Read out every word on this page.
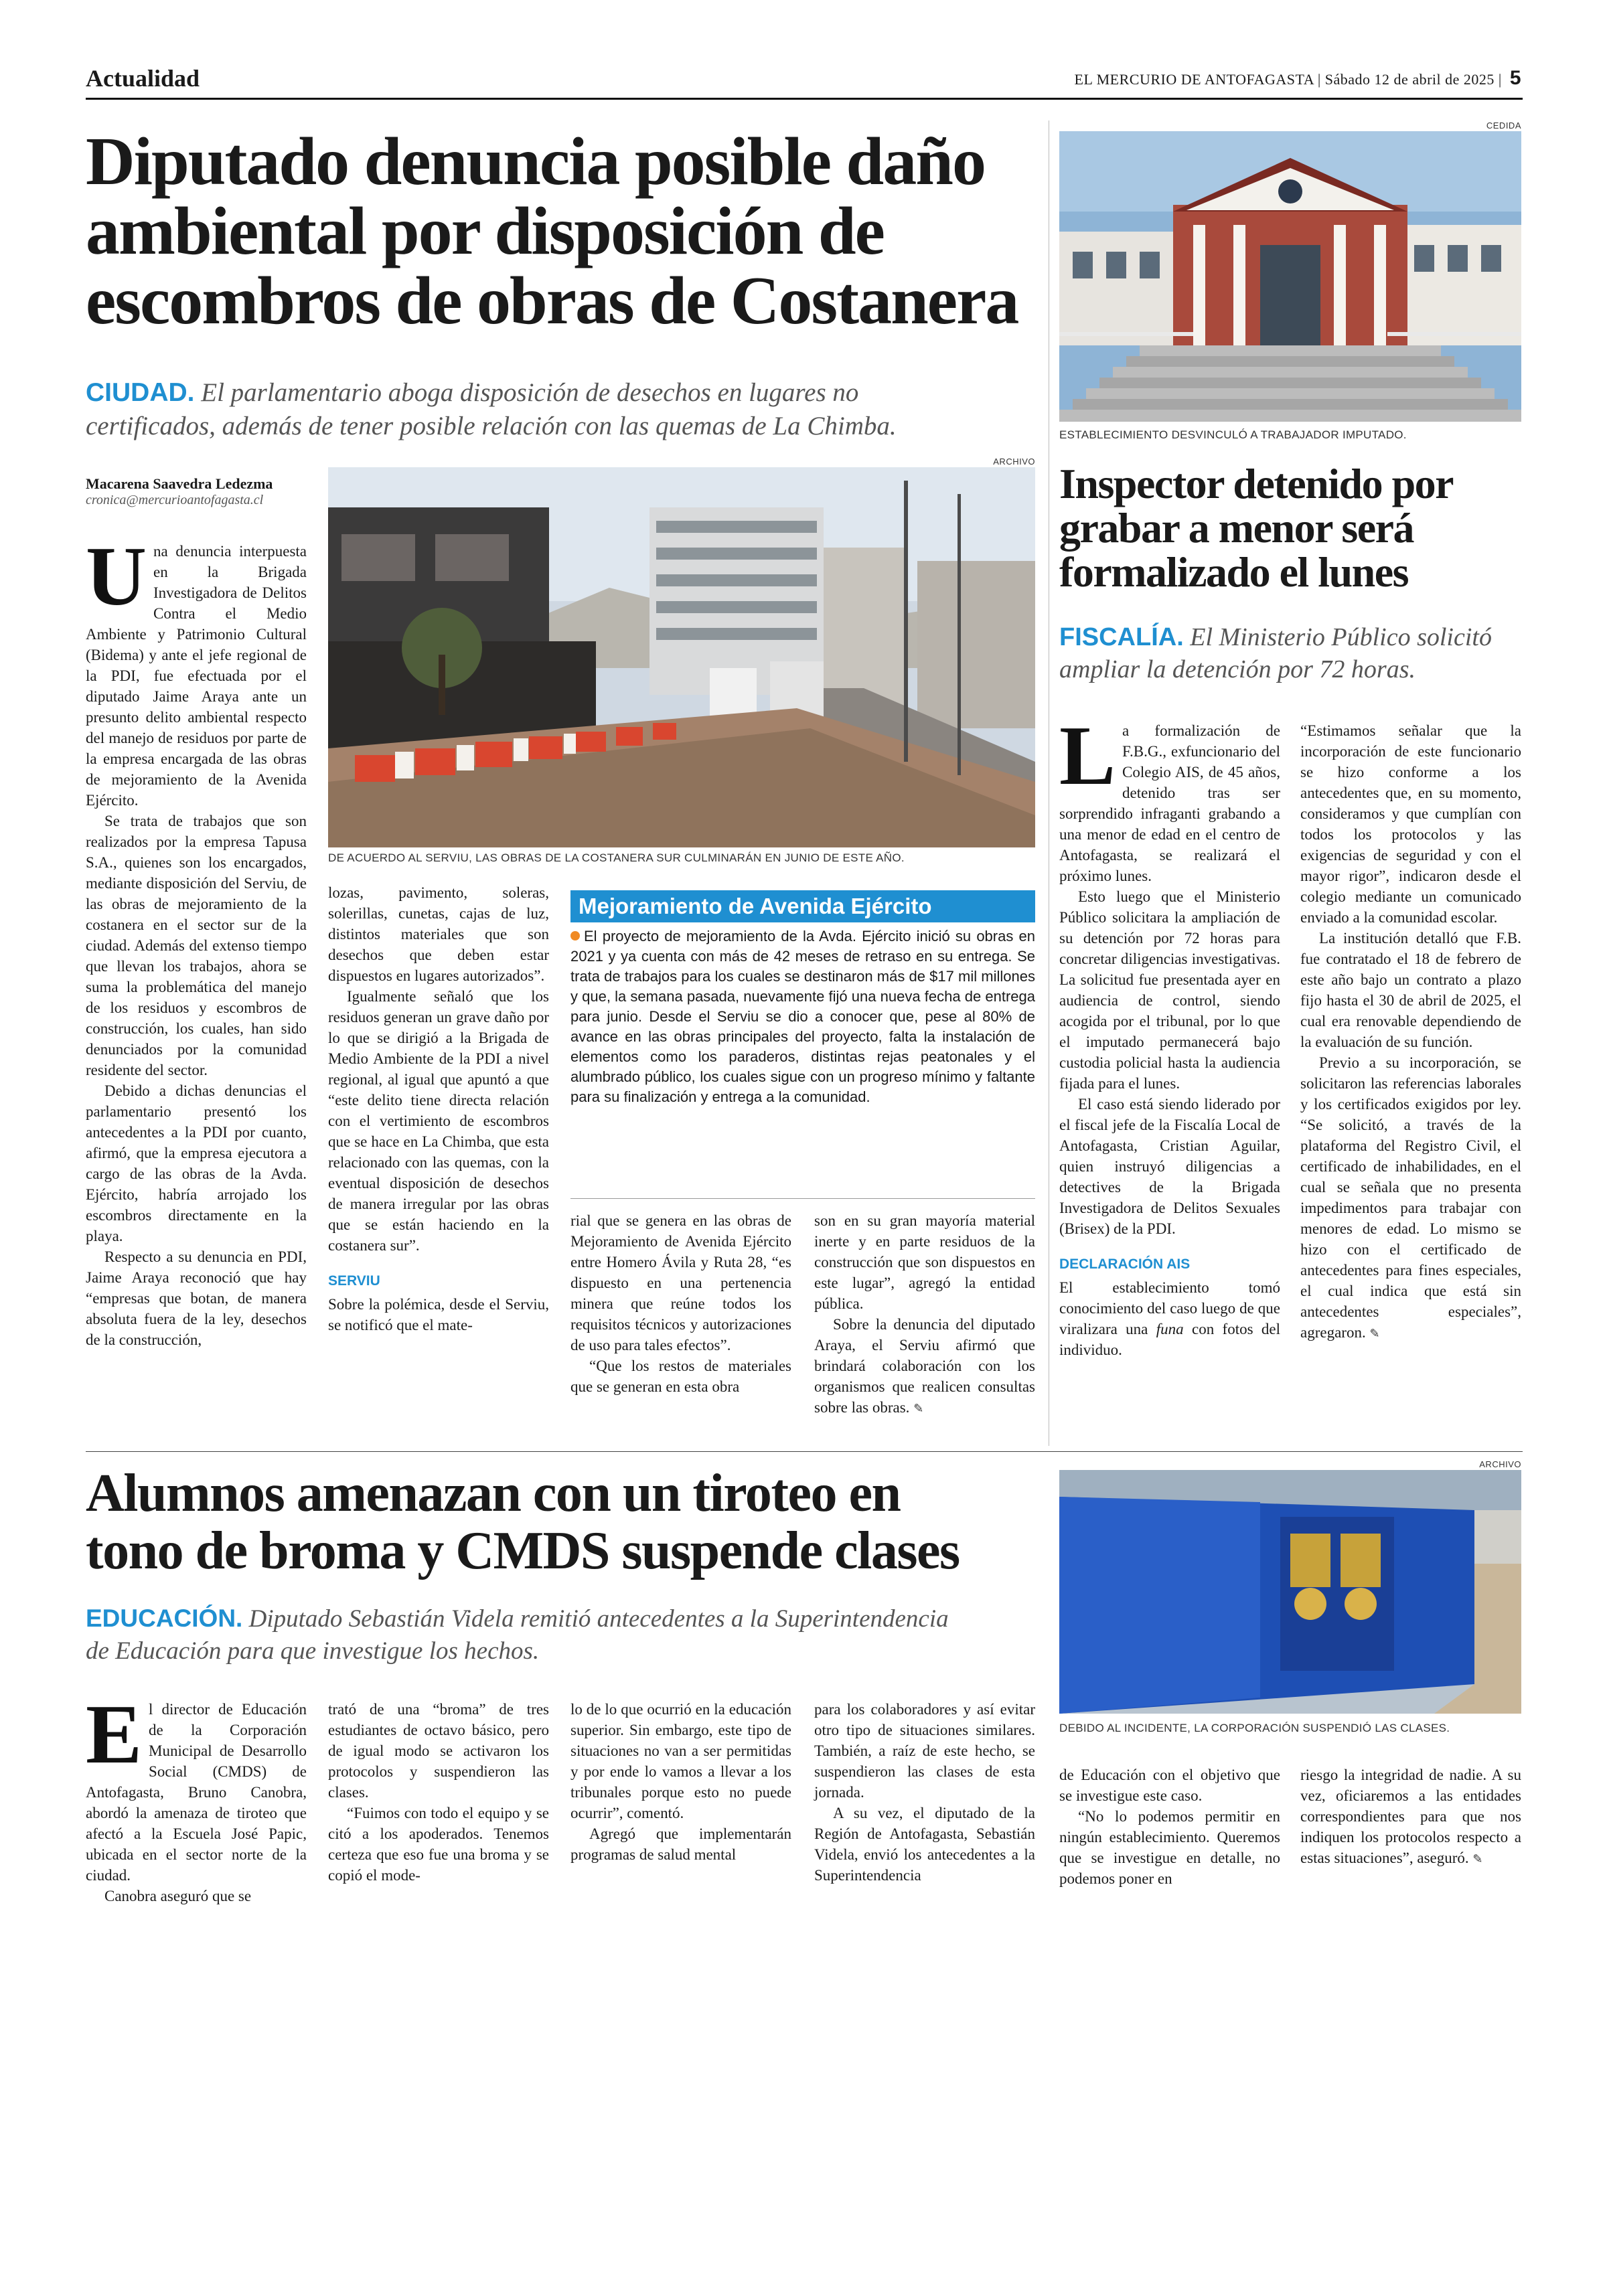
Actualidad	EL MERCURIO DE ANTOFAGASTA | Sábado 12 de abril de 2025 | 5
Diputado denuncia posible daño
ambiental por disposición de
escombros de obras de Costanera
CIUDAD. El parlamentario aboga disposición de desechos en lugares no
certificados, además de tener posible relación con las quemas de La Chimba.
Macarena Saavedra Ledezma
cronica@mercurioantofagasta.cl
ARCHIVO
DE ACUERDO AL SERVIU, LAS OBRAS DE LA COSTANERA SUR CULMINARÁN EN JUNIO DE ESTE AÑO.

Una denuncia interpuesta en la Brigada Investigadora de Delitos Contra el Medio Ambiente y Patrimonio Cultural (Bidema) y ante el jefe regional de la PDI, fue efectuada por el diputado Jaime Araya ante un presunto delito ambiental respecto del manejo de residuos por parte de la empresa encargada de las obras de mejoramiento de la Avenida Ejército.

Se trata de trabajos que son realizados por la empresa Tapusa S.A., quienes son los encargados, mediante disposición del Serviu, de las obras de mejoramiento de la costanera en el sector sur de la ciudad. Además del extenso tiempo que llevan los trabajos, ahora se suma la problemática del manejo de los residuos y escombros de construcción, los cuales, han sido denunciados por la comunidad residente del sector.

Debido a dichas denuncias el parlamentario presentó los antecedentes a la PDI por cuanto, afirmó, que la empresa ejecutora a cargo de las obras de la Avda. Ejército, habría arrojado los escombros directamente en la playa.

Respecto a su denuncia en PDI, Jaime Araya reconoció que hay “empresas que botan, de manera absoluta fuera de la ley, desechos de la construcción,

lozas, pavimento, soleras, solerillas, cunetas, cajas de luz, distintos materiales que son desechos que deben estar dispuestos en lugares autorizados”.

Igualmente señaló que los residuos generan un grave daño por lo que se dirigió a la Brigada de Medio Ambiente de la PDI a nivel regional, al igual que apuntó a que “este delito tiene directa relación con el vertimiento de escombros que se hace en La Chimba, que esta relacionado con las quemas, con la eventual disposición de desechos de manera irregular por las obras que se están haciendo en la costanera sur”.

SERVIU

Sobre la polémica, desde el Serviu, se notificó que el mate-

Mejoramiento de Avenida Ejército
El proyecto de mejoramiento de la Avda. Ejército inició su obras en 2021 y ya cuenta con más de 42 meses de retraso en su entrega. Se trata de trabajos para los cuales se destinaron más de $17 mil millones y que, la semana pasada, nuevamente fijó una nueva fecha de entrega para junio. Desde el Serviu se dio a conocer que, pese al 80% de avance en las obras principales del proyecto, falta la instalación de elementos como los paraderos, distintas rejas peatonales y el alumbrado público, los cuales sigue con un progreso mínimo y faltante para su finalización y entrega a la comunidad.

rial que se genera en las obras de Mejoramiento de Avenida Ejército entre Homero Ávila y Ruta 28, “es dispuesto en una pertenencia minera que reúne todos los requisitos técnicos y autorizaciones de uso para tales efectos”.

“Que los restos de materiales que se generan en esta obra

son en su gran mayoría material inerte y en parte residuos de la construcción que son dispuestos en este lugar”, agregó la entidad pública.

Sobre la denuncia del diputado Araya, el Serviu afirmó que brindará colaboración con los organismos que realicen consultas sobre las obras. ✎

CEDIDA
ESTABLECIMIENTO DESVINCULÓ A TRABAJADOR IMPUTADO.
Inspector detenido por
grabar a menor será
formalizado el lunes
FISCALÍA. El Ministerio Público solicitó
ampliar la detención por 72 horas.

La formalización de F.B.G., exfuncionario del Colegio AIS, de 45 años, detenido tras ser sorprendido infraganti grabando a una menor de edad en el centro de Antofagasta, se realizará el próximo lunes.

Esto luego que el Ministerio Público solicitara la ampliación de su detención por 72 horas para concretar diligencias investigativas. La solicitud fue presentada ayer en audiencia de control, siendo acogida por el tribunal, por lo que el imputado permanecerá bajo custodia policial hasta la audiencia fijada para el lunes.

El caso está siendo liderado por el fiscal jefe de la Fiscalía Local de Antofagasta, Cristian Aguilar, quien instruyó diligencias a detectives de la Brigada Investigadora de Delitos Sexuales (Brisex) de la PDI.

DECLARACIÓN AIS

El establecimiento tomó conocimiento del caso luego de que viralizara una funa con fotos del individuo.

“Estimamos señalar que la incorporación de este funcionario se hizo conforme a los antecedentes que, en su momento, consideramos y que cumplían con todos los protocolos y las exigencias de seguridad y con el mayor rigor”, indicaron desde el colegio mediante un comunicado enviado a la comunidad escolar.

La institución detalló que F.B. fue contratado el 18 de febrero de este año bajo un contrato a plazo fijo hasta el 30 de abril de 2025, el cual era renovable dependiendo de la evaluación de su función.

Previo a su incorporación, se solicitaron las referencias laborales y los certificados exigidos por ley. “Se solicitó, a través de la plataforma del Registro Civil, el certificado de inhabilidades, en el cual se señala que no presenta impedimentos para trabajar con menores de edad. Lo mismo se hizo con el certificado de antecedentes para fines especiales, el cual indica que está sin antecedentes especiales”, agregaron. ✎

Alumnos amenazan con un tiroteo en
tono de broma y CMDS suspende clases
EDUCACIÓN. Diputado Sebastián Videla remitió antecedentes a la Superintendencia
de Educación para que investigue los hechos.
ARCHIVO
DEBIDO AL INCIDENTE, LA CORPORACIÓN SUSPENDIÓ LAS CLASES.

El director de Educación de la Corporación Municipal de Desarrollo Social (CMDS) de Antofagasta, Bruno Canobra, abordó la amenaza de tiroteo que afectó a la Escuela José Papic, ubicada en el sector norte de la ciudad.

Canobra aseguró que se

trató de una “broma” de tres estudiantes de octavo básico, pero de igual modo se activaron los protocolos y suspendieron las clases.

“Fuimos con todo el equipo y se citó a los apoderados. Tenemos certeza que eso fue una broma y se copió el mode-

lo de lo que ocurrió en la educación superior. Sin embargo, este tipo de situaciones no van a ser permitidas y por ende lo vamos a llevar a los tribunales porque esto no puede ocurrir”, comentó.

Agregó que implementarán programas de salud mental

para los colaboradores y así evitar otro tipo de situaciones similares. También, a raíz de este hecho, se suspendieron las clases de esta jornada.

A su vez, el diputado de la Región de Antofagasta, Sebastián Videla, envió los antecedentes a la Superintendencia

de Educación con el objetivo que se investigue este caso.

“No lo podemos permitir en ningún establecimiento. Queremos que se investigue en detalle, no podemos poner en

riesgo la integridad de nadie. A su vez, oficiaremos a las entidades correspondientes para que nos indiquen los protocolos respecto a estas situaciones”, aseguró. ✎
